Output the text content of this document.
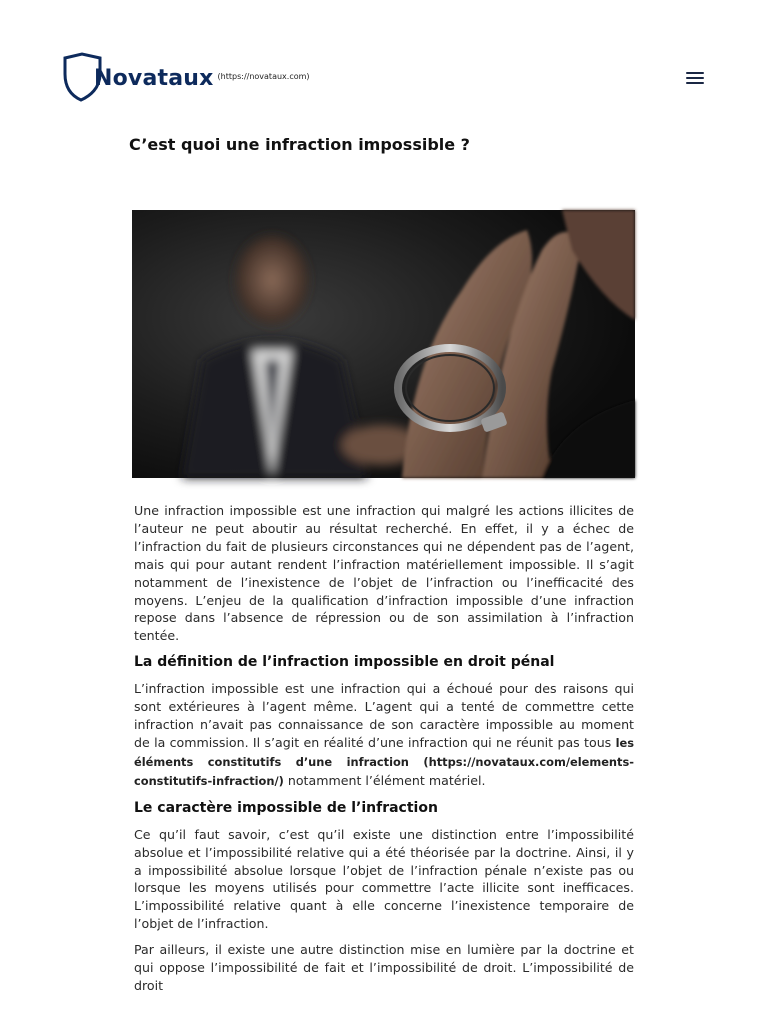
Novataux (https://novataux.com)
C’est quoi une infraction impossible ?

Une infraction impossible est une infraction qui malgré les actions illicites de l’auteur ne peut aboutir au résultat recherché. En effet, il y a échec de l’infraction du fait de plusieurs circonstances qui ne dépendent pas de l’agent, mais qui pour autant rendent l’infraction matériellement impossible. Il s’agit notamment de l’inexistence de l’objet de l’infraction ou l’inefficacité des moyens. L’enjeu de la qualification d’infraction impossible d’une infraction repose dans l’absence de répression ou de son assimilation à l’infraction tentée.

La définition de l’infraction impossible en droit pénal

L’infraction impossible est une infraction qui a échoué pour des raisons qui sont extérieures à l’agent même. L’agent qui a tenté de commettre cette infraction n’avait pas connaissance de son caractère impossible au moment de la commission. Il s’agit en réalité d’une infraction qui ne réunit pas tous les éléments constitutifs d’une infraction (https://novataux.com/elements-constitutifs-infraction/) notamment l’élément matériel.

Le caractère impossible de l’infraction

Ce qu’il faut savoir, c’est qu’il existe une distinction entre l’impossibilité absolue et l’impossibilité relative qui a été théorisée par la doctrine. Ainsi, il y a impossibilité absolue lorsque l’objet de l’infraction pénale n’existe pas ou lorsque les moyens utilisés pour commettre l’acte illicite sont inefficaces. L’impossibilité relative quant à elle concerne l’inexistence temporaire de l’objet de l’infraction.

Par ailleurs, il existe une autre distinction mise en lumière par la doctrine et qui oppose l’impossibilité de fait et l’impossibilité de droit. L’impossibilité de droit
